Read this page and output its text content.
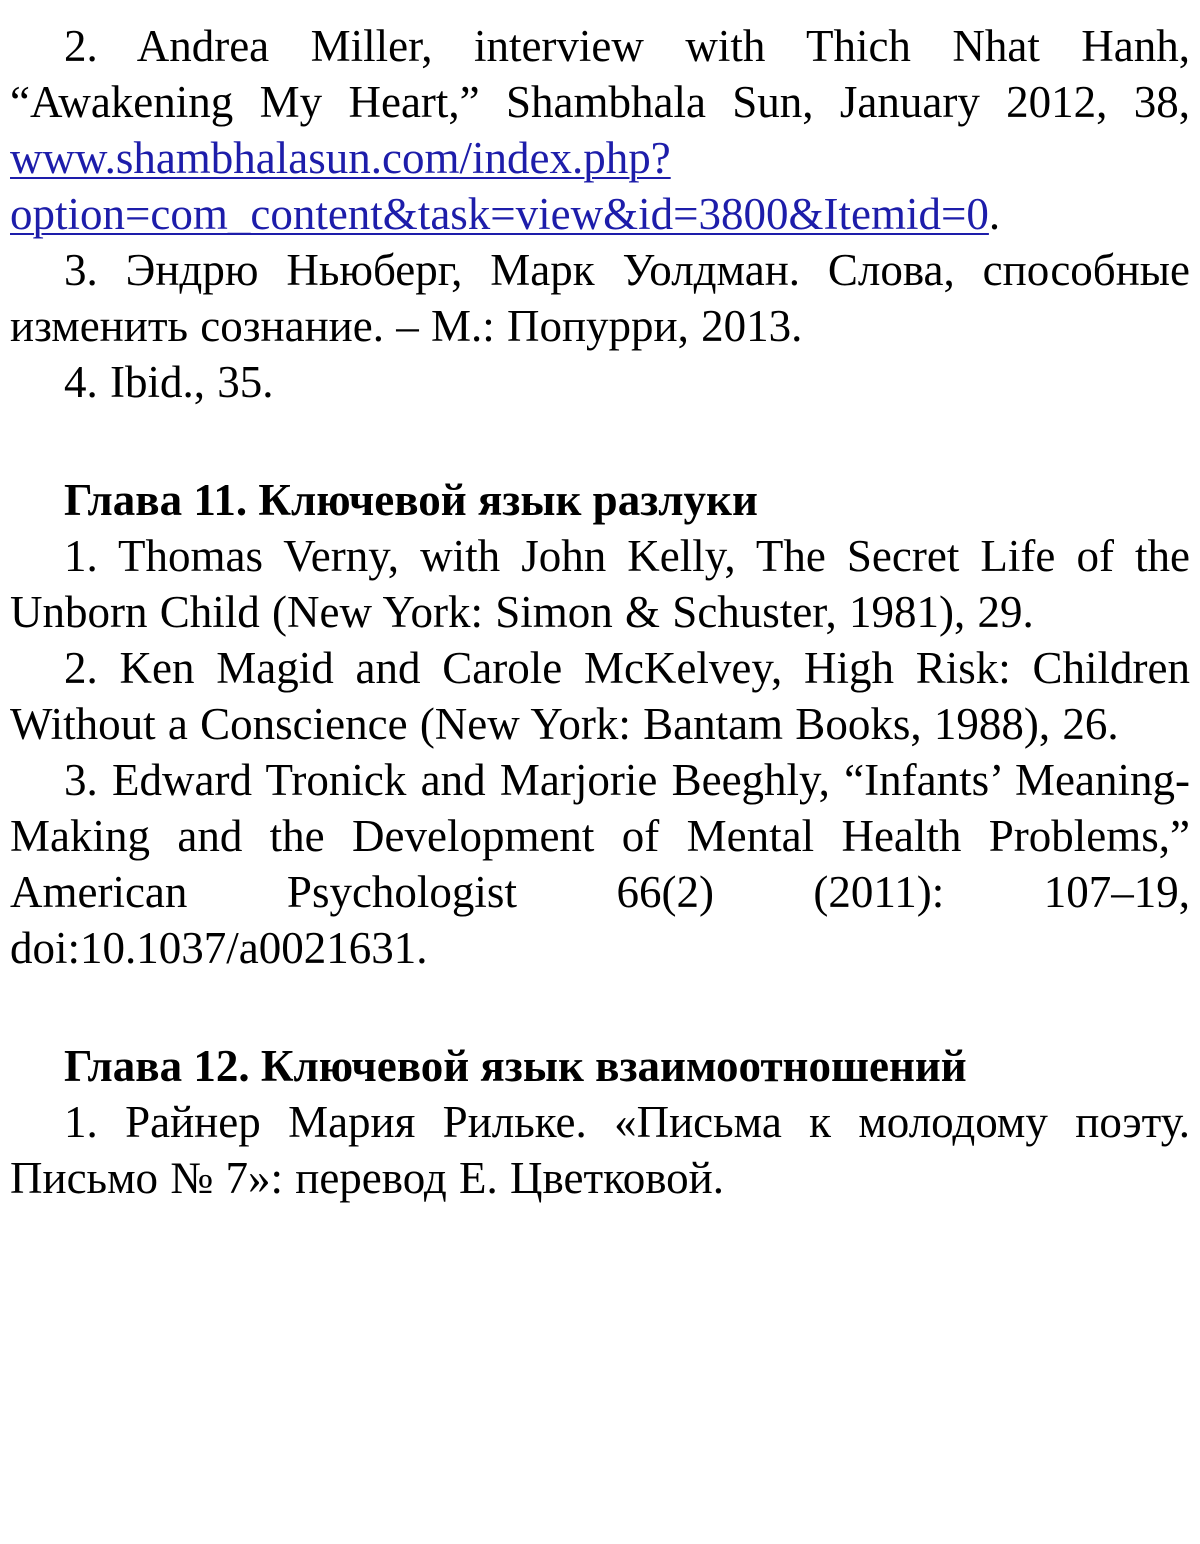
2. Andrea Miller, interview with Thich Nhat Hanh, “Awakening My Heart,” Shambhala Sun, January 2012, 38, www.shambhalasun.com/index.php?option=com_content&task=view&id=3800&Itemid=0.

3. Эндрю Ньюберг, Марк Уолдман. Слова, способные изменить сознание. – М.: Попурри, 2013.

4. Ibid., 35.

Глава 11. Ключевой язык разлуки

1. Thomas Verny, with John Kelly, The Secret Life of the Unborn Child (New York: Simon & Schuster, 1981), 29.

2. Ken Magid and Carole McKelvey, High Risk: Children Without a Conscience (New York: Bantam Books, 1988), 26.

3. Edward Tronick and Marjorie Beeghly, “Infants’ Meaning-Making and the Development of Mental Health Problems,” American Psychologist 66(2) (2011): 107–19, doi:10.1037/a0021631.

Глава 12. Ключевой язык взаимоотношений

1. Райнер Мария Рильке. «Письма к молодому поэту. Письмо № 7»: перевод Е. Цветковой.
